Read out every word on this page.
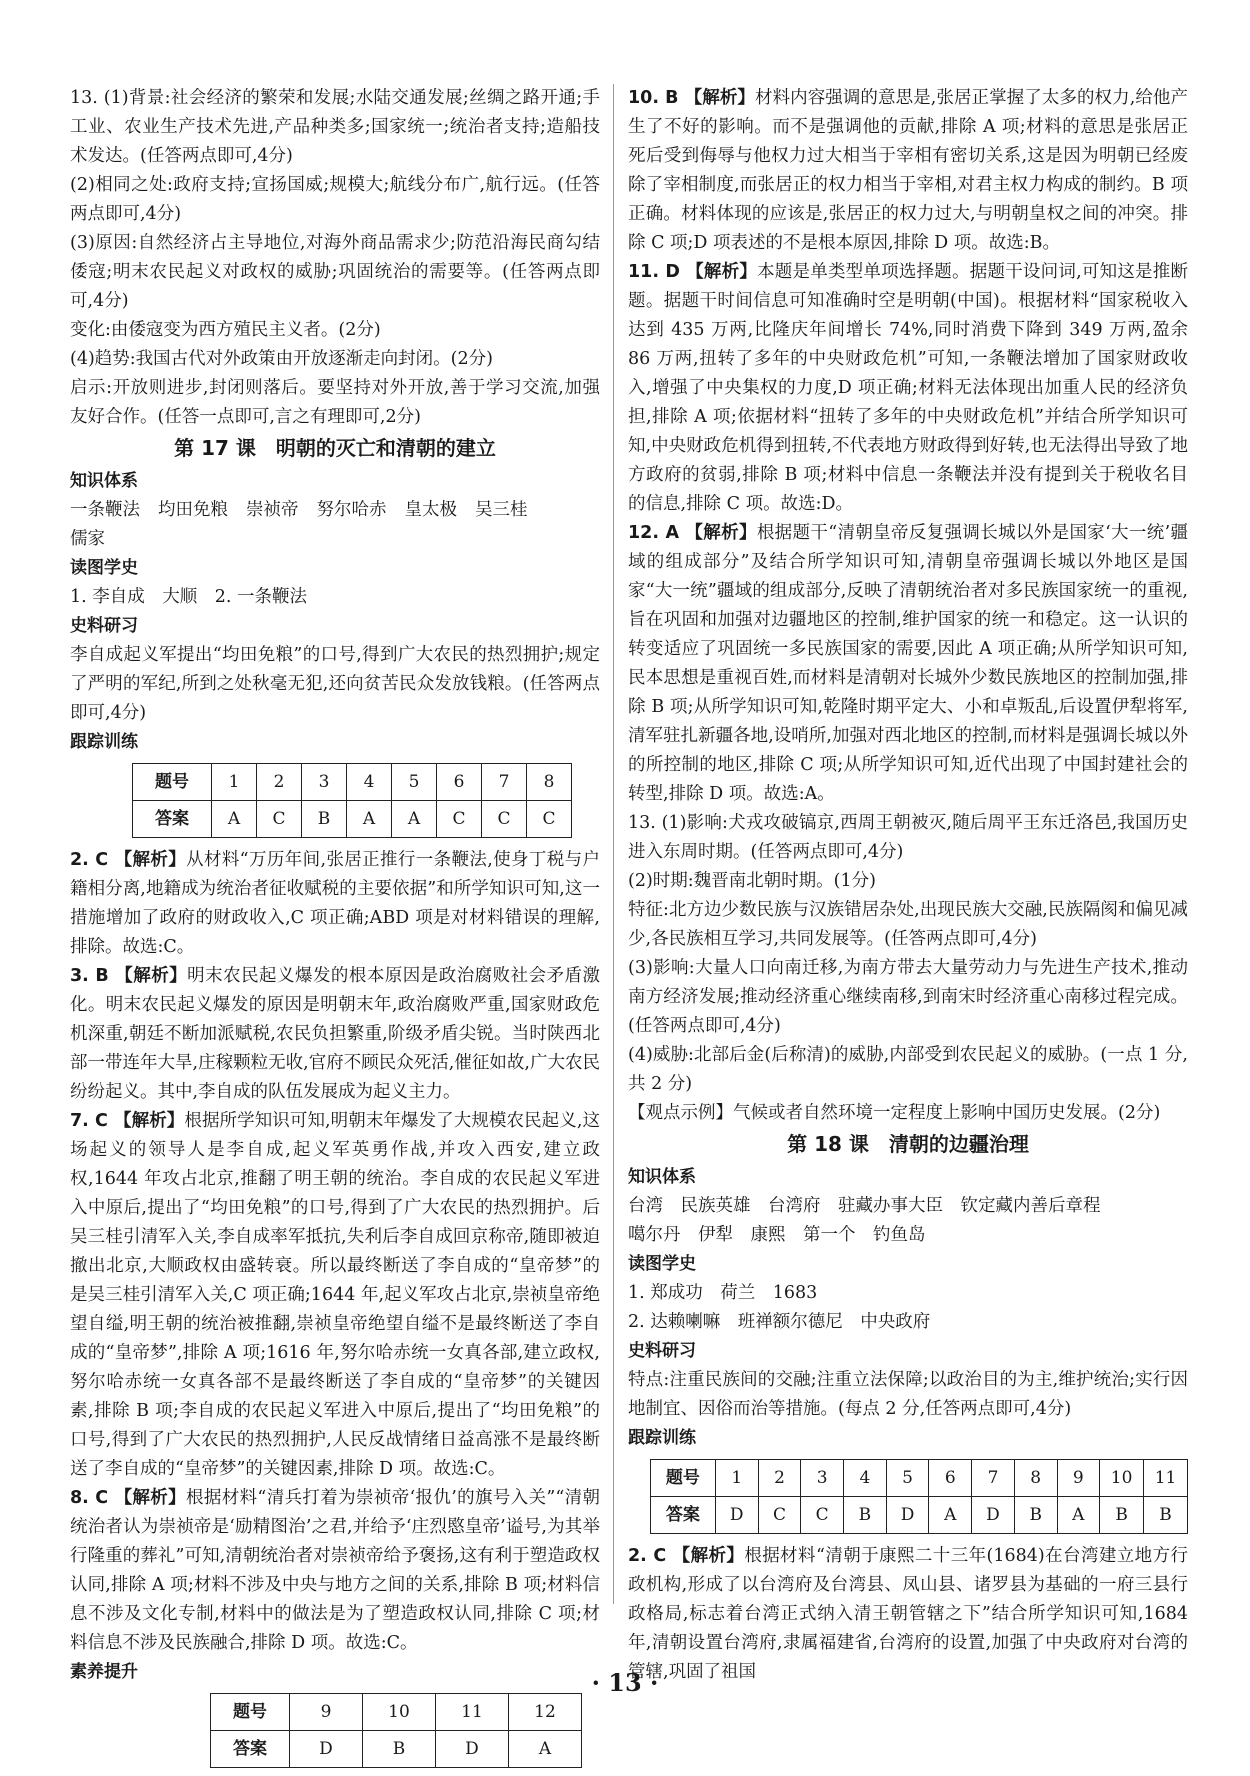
13. (1)背景:社会经济的繁荣和发展;水陆交通发展;丝绸之路开通;手工业、农业生产技术先进,产品种类多;国家统一;统治者支持;造船技术发达。(任答两点即可,4分)

(2)相同之处:政府支持;宣扬国威;规模大;航线分布广,航行远。(任答两点即可,4分)

(3)原因:自然经济占主导地位,对海外商品需求少;防范沿海民商勾结倭寇;明末农民起义对政权的威胁;巩固统治的需要等。(任答两点即可,4分)

变化:由倭寇变为西方殖民主义者。(2分)

(4)趋势:我国古代对外政策由开放逐渐走向封闭。(2分)

启示:开放则进步,封闭则落后。要坚持对外开放,善于学习交流,加强友好合作。(任答一点即可,言之有理即可,2分)

第 17 课　明朝的灭亡和清朝的建立
知识体系

一条鞭法 均田免粮 崇祯帝 努尔哈赤 皇太极 吴三桂
儒家

读图学史

1. 李自成　大顺　2. 一条鞭法

史料研习

李自成起义军提出“均田免粮”的口号,得到广大农民的热烈拥护;规定了严明的军纪,所到之处秋毫无犯,还向贫苦民众发放钱粮。(任答两点即可,4分)

跟踪训练
题号	1	2	3	4	5	6	7	8
答案	A	C	B	A	A	C	C	C

2. C 【解析】从材料“万历年间,张居正推行一条鞭法,使身丁税与户籍相分离,地籍成为统治者征收赋税的主要依据”和所学知识可知,这一措施增加了政府的财政收入,C 项正确;ABD 项是对材料错误的理解,排除。故选:C。

3. B 【解析】明末农民起义爆发的根本原因是政治腐败社会矛盾激化。明末农民起义爆发的原因是明朝末年,政治腐败严重,国家财政危机深重,朝廷不断加派赋税,农民负担繁重,阶级矛盾尖锐。当时陕西北部一带连年大旱,庄稼颗粒无收,官府不顾民众死活,催征如故,广大农民纷纷起义。其中,李自成的队伍发展成为起义主力。

7. C 【解析】根据所学知识可知,明朝末年爆发了大规模农民起义,这场起义的领导人是李自成,起义军英勇作战,并攻入西安,建立政权,1644 年攻占北京,推翻了明王朝的统治。李自成的农民起义军进入中原后,提出了“均田免粮”的口号,得到了广大农民的热烈拥护。后吴三桂引清军入关,李自成率军抵抗,失利后李自成回京称帝,随即被迫撤出北京,大顺政权由盛转衰。所以最终断送了李自成的“皇帝梦”的是吴三桂引清军入关,C 项正确;1644 年,起义军攻占北京,崇祯皇帝绝望自缢,明王朝的统治被推翻,崇祯皇帝绝望自缢不是最终断送了李自成的“皇帝梦”,排除 A 项;1616 年,努尔哈赤统一女真各部,建立政权,努尔哈赤统一女真各部不是最终断送了李自成的“皇帝梦”的关键因素,排除 B 项;李自成的农民起义军进入中原后,提出了“均田免粮”的口号,得到了广大农民的热烈拥护,人民反战情绪日益高涨不是最终断送了李自成的“皇帝梦”的关键因素,排除 D 项。故选:C。

8. C 【解析】根据材料“清兵打着为崇祯帝‘报仇’的旗号入关”“清朝统治者认为崇祯帝是‘励精图治’之君,并给予‘庄烈愍皇帝’谥号,为其举行隆重的葬礼”可知,清朝统治者对崇祯帝给予褒扬,这有利于塑造政权认同,排除 A 项;材料不涉及中央与地方之间的关系,排除 B 项;材料信息不涉及文化专制,材料中的做法是为了塑造政权认同,排除 C 项;材料信息不涉及民族融合,排除 D 项。故选:C。

素养提升
题号	9	10	11	12
答案	D	B	D	A

10. B 【解析】材料内容强调的意思是,张居正掌握了太多的权力,给他产生了不好的影响。而不是强调他的贡献,排除 A 项;材料的意思是张居正死后受到侮辱与他权力过大相当于宰相有密切关系,这是因为明朝已经废除了宰相制度,而张居正的权力相当于宰相,对君主权力构成的制约。B 项正确。材料体现的应该是,张居正的权力过大,与明朝皇权之间的冲突。排除 C 项;D 项表述的不是根本原因,排除 D 项。故选:B。

11. D 【解析】本题是单类型单项选择题。据题干设问词,可知这是推断题。据题干时间信息可知准确时空是明朝(中国)。根据材料“国家税收入达到 435 万两,比隆庆年间增长 74%,同时消费下降到 349 万两,盈余 86 万两,扭转了多年的中央财政危机”可知,一条鞭法增加了国家财政收入,增强了中央集权的力度,D 项正确;材料无法体现出加重人民的经济负担,排除 A 项;依据材料“扭转了多年的中央财政危机”并结合所学知识可知,中央财政危机得到扭转,不代表地方财政得到好转,也无法得出导致了地方政府的贫弱,排除 B 项;材料中信息一条鞭法并没有提到关于税收名目的信息,排除 C 项。故选:D。

12. A 【解析】根据题干“清朝皇帝反复强调长城以外是国家‘大一统’疆域的组成部分”及结合所学知识可知,清朝皇帝强调长城以外地区是国家“大一统”疆域的组成部分,反映了清朝统治者对多民族国家统一的重视,旨在巩固和加强对边疆地区的控制,维护国家的统一和稳定。这一认识的转变适应了巩固统一多民族国家的需要,因此 A 项正确;从所学知识可知,民本思想是重视百姓,而材料是清朝对长城外少数民族地区的控制加强,排除 B 项;从所学知识可知,乾隆时期平定大、小和卓叛乱,后设置伊犁将军,清军驻扎新疆各地,设哨所,加强对西北地区的控制,而材料是强调长城以外的所控制的地区,排除 C 项;从所学知识可知,近代出现了中国封建社会的转型,排除 D 项。故选:A。

13. (1)影响:犬戎攻破镐京,西周王朝被灭,随后周平王东迁洛邑,我国历史进入东周时期。(任答两点即可,4分)

(2)时期:魏晋南北朝时期。(1分)

特征:北方边少数民族与汉族错居杂处,出现民族大交融,民族隔阂和偏见减少,各民族相互学习,共同发展等。(任答两点即可,4分)

(3)影响:大量人口向南迁移,为南方带去大量劳动力与先进生产技术,推动南方经济发展;推动经济重心继续南移,到南宋时经济重心南移过程完成。(任答两点即可,4分)

(4)威胁:北部后金(后称清)的威胁,内部受到农民起义的威胁。(一点 1 分,共 2 分)

【观点示例】气候或者自然环境一定程度上影响中国历史发展。(2分)

第 18 课　清朝的边疆治理
知识体系

台湾　民族英雄　台湾府　驻藏办事大臣　钦定藏内善后章程

噶尔丹　伊犁　康熙　第一个　钓鱼岛

读图学史

1. 郑成功　荷兰　1683

2. 达赖喇嘛　班禅额尔德尼　中央政府

史料研习

特点:注重民族间的交融;注重立法保障;以政治目的为主,维护统治;实行因地制宜、因俗而治等措施。(每点 2 分,任答两点即可,4分)

跟踪训练
题号	1	2	3	4	5	6	7	8	9	10	11
答案	D	C	C	B	D	A	D	B	A	B	B

2. C 【解析】根据材料“清朝于康熙二十三年(1684)在台湾建立地方行政机构,形成了以台湾府及台湾县、凤山县、诸罗县为基础的一府三县行政格局,标志着台湾正式纳入清王朝管辖之下”结合所学知识可知,1684 年,清朝设置台湾府,隶属福建省,台湾府的设置,加强了中央政府对台湾的管辖,巩固了祖国

· 13 ·
